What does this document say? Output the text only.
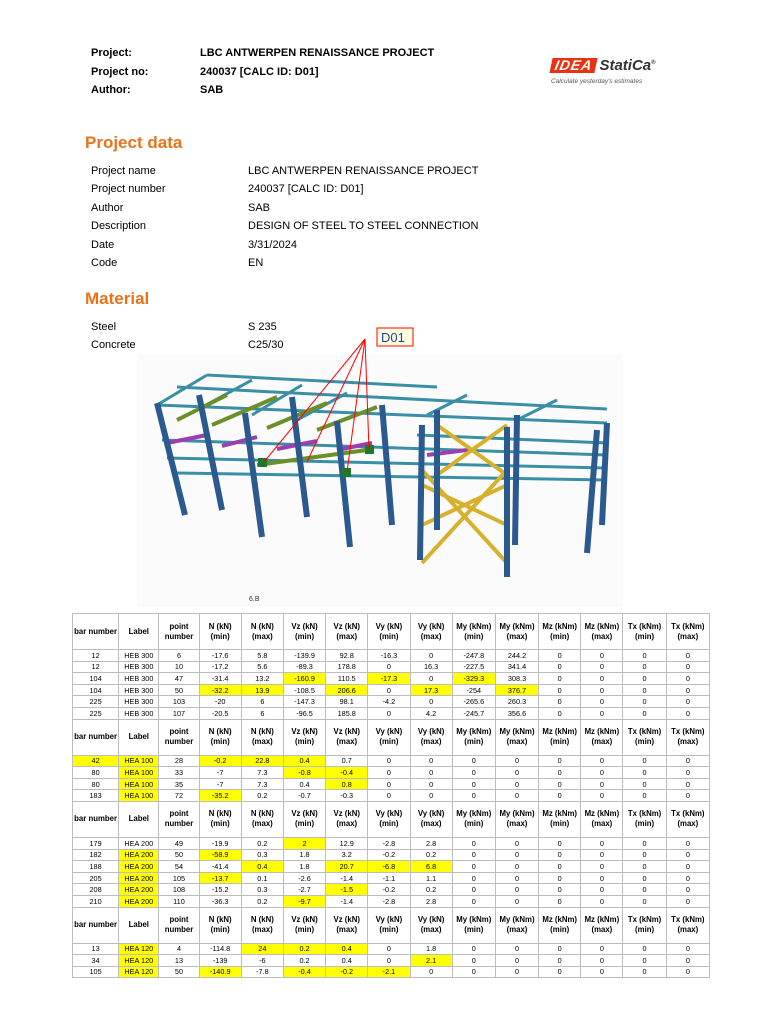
Project:	LBC ANTWERPEN RENAISSANCE PROJECT
Project no:	240037 [CALC ID: D01]
Author:	SAB
IDEA StatiCa®
Calculate yesterday's estimates
Project data
Project name	LBC ANTWERPEN RENAISSANCE PROJECT
Project number	240037 [CALC ID: D01]
Author	SAB
Description	DESIGN OF STEEL TO STEEL CONNECTION
Date	3/31/2024
Code	EN
Material
Steel	S 235
Concrete	C25/30
D01
6.B
bar number	Label	point number	N (kN) (min)	N (kN) (max)	Vz (kN) (min)	Vz (kN) (max)	Vy (kN) (min)	Vy (kN) (max)	My (kNm) (min)	My (kNm) (max)	Mz (kNm) (min)	Mz (kNm) (max)	Tx (kNm) (min)	Tx (kNm) (max)
12	HEB 300	6	-17.6	5.8	-139.9	92.8	-16.3	0	-247.8	244.2	0	0	0	0
12	HEB 300	10	-17.2	5.6	-89.3	178.8	0	16.3	-227.5	341.4	0	0	0	0
104	HEB 300	47	-31.4	13.2	-160.9	110.5	-17.3	0	-329.3	308.3	0	0	0	0
104	HEB 300	50	-32.2	13.9	-108.5	206.6	0	17.3	-254	376.7	0	0	0	0
225	HEB 300	103	-20	6	-147.3	98.1	-4.2	0	-265.6	260.3	0	0	0	0
225	HEB 300	107	-20.5	6	-96.5	185.8	0	4.2	-245.7	356.6	0	0	0	0
bar number	Label	point number	N (kN) (min)	N (kN) (max)	Vz (kN) (min)	Vz (kN) (max)	Vy (kN) (min)	Vy (kN) (max)	My (kNm) (min)	My (kNm) (max)	Mz (kNm) (min)	Mz (kNm) (max)	Tx (kNm) (min)	Tx (kNm) (max)
42	HEA 100	28	-0.2	22.8	0.4	0.7	0	0	0	0	0	0	0	0
80	HEA 100	33	-7	7.3	-0.8	-0.4	0	0	0	0	0	0	0	0
80	HEA 100	35	-7	7.3	0.4	0.8	0	0	0	0	0	0	0	0
183	HEA 100	72	-35.2	0.2	-0.7	-0.3	0	0	0	0	0	0	0	0
bar number	Label	point number	N (kN) (min)	N (kN) (max)	Vz (kN) (min)	Vz (kN) (max)	Vy (kN) (min)	Vy (kN) (max)	My (kNm) (min)	My (kNm) (max)	Mz (kNm) (min)	Mz (kNm) (max)	Tx (kNm) (min)	Tx (kNm) (max)
179	HEA 200	49	-19.9	0.2	2	12.9	-2.8	2.8	0	0	0	0	0	0
182	HEA 200	50	-58.9	0.3	1.8	3.2	-0.2	0.2	0	0	0	0	0	0
188	HEA 200	54	-41.4	0.4	1.8	20.7	-6.8	6.8	0	0	0	0	0	0
205	HEA 200	105	-13.7	0.1	-2.6	-1.4	-1.1	1.1	0	0	0	0	0	0
208	HEA 200	108	-15.2	0.3	-2.7	-1.5	-0.2	0.2	0	0	0	0	0	0
210	HEA 200	110	-36.3	0.2	-9.7	-1.4	-2.8	2.8	0	0	0	0	0	0
bar number	Label	point number	N (kN) (min)	N (kN) (max)	Vz (kN) (min)	Vz (kN) (max)	Vy (kN) (min)	Vy (kN) (max)	My (kNm) (min)	My (kNm) (max)	Mz (kNm) (min)	Mz (kNm) (max)	Tx (kNm) (min)	Tx (kNm) (max)
13	HEA 120	4	-114.8	24	0.2	0.4	0	1.8	0	0	0	0	0	0
34	HEA 120	13	-139	-6	0.2	0.4	0	2.1	0	0	0	0	0	0
105	HEA 120	50	-140.9	-7.8	-0.4	-0.2	-2.1	0	0	0	0	0	0	0
